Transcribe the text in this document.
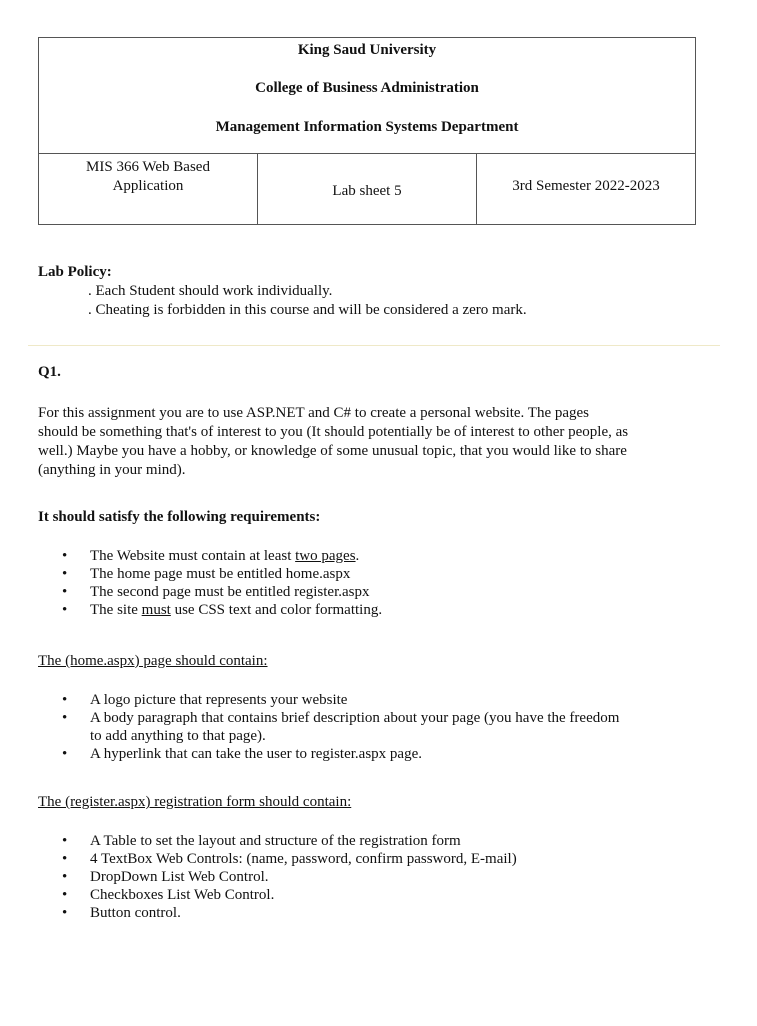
King Saud University
College of Business Administration
Management Information Systems Department
MIS 366 Web Based
Application	Lab sheet 5	3rd Semester 2022-2023
Lab Policy:
. Each Student should work individually.
. Cheating is forbidden in this course and will be considered a zero mark.
Q1.
For this assignment you are to use ASP.NET and C# to create a personal website. The pages
should be something that's of interest to you (It should potentially be of interest to other people, as
well.) Maybe you have a hobby, or knowledge of some unusual topic, that you would like to share
(anything in your mind).
It should satisfy the following requirements:
• The Website must contain at least two pages.
• The home page must be entitled home.aspx
• The second page must be entitled register.aspx
• The site must use CSS text and color formatting.
The (home.aspx) page should contain:
• A logo picture that represents your website
• A body paragraph that contains brief description about your page (you have the freedom
to add anything to that page).
• A hyperlink that can take the user to register.aspx page.
The (register.aspx) registration form should contain:
• A Table to set the layout and structure of the registration form
• 4 TextBox Web Controls: (name, password, confirm password, E-mail)
• DropDown List Web Control.
• Checkboxes List Web Control.
• Button control.
